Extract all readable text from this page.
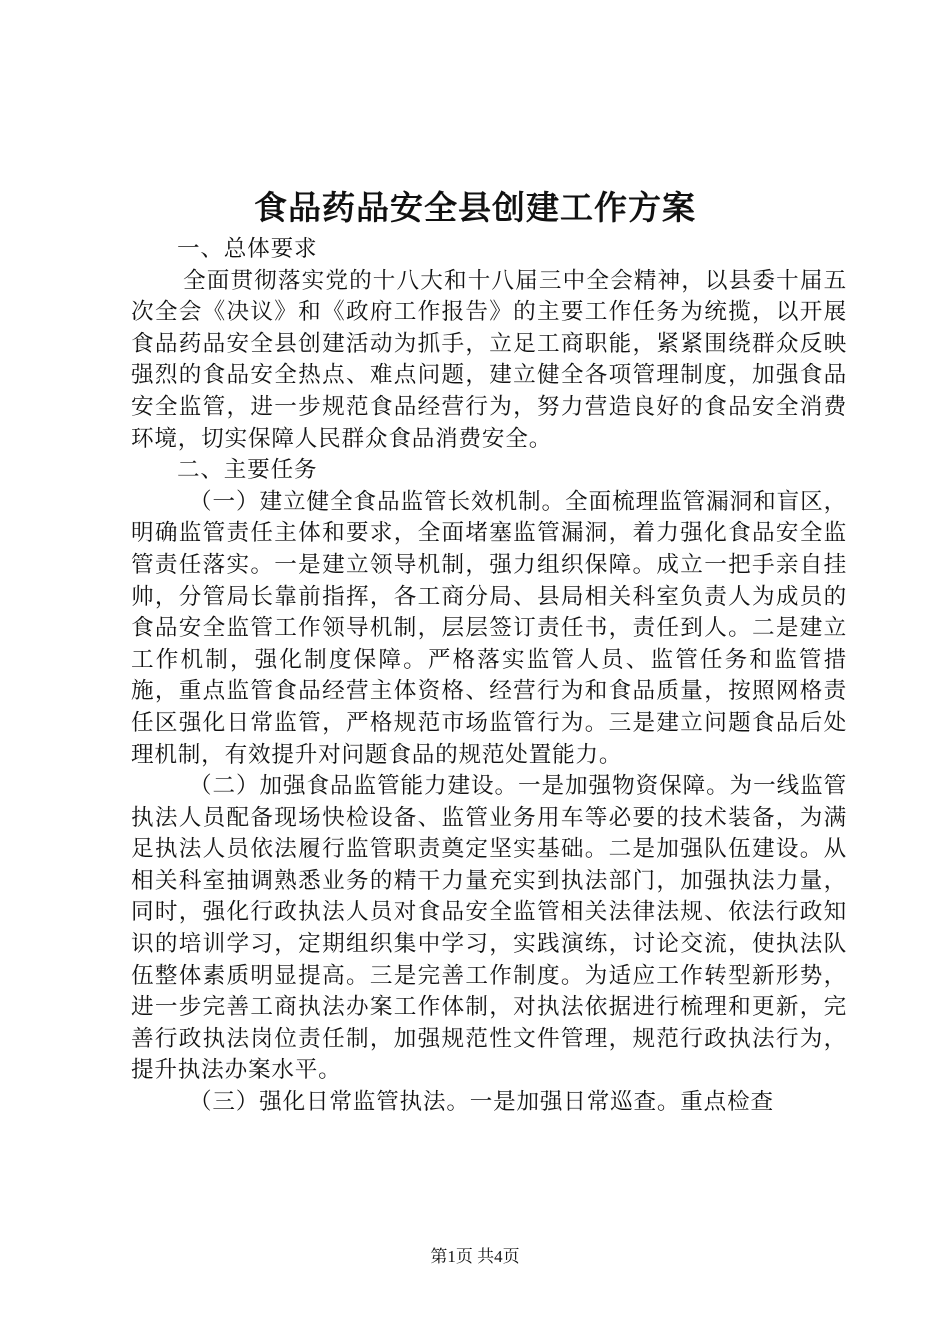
食品药品安全县创建工作方案

一、总体要求

全面贯彻落实党的十八大和十八届三中全会精神，以县委十届五次全会《决议》和《政府工作报告》的主要工作任务为统揽，以开展食品药品安全县创建活动为抓手，立足工商职能，紧紧围绕群众反映强烈的食品安全热点、难点问题，建立健全各项管理制度，加强食品安全监管，进一步规范食品经营行为，努力营造良好的食品安全消费环境，切实保障人民群众食品消费安全。

二、主要任务

（一）建立健全食品监管长效机制。全面梳理监管漏洞和盲区，明确监管责任主体和要求，全面堵塞监管漏洞，着力强化食品安全监管责任落实。一是建立领导机制，强力组织保障。成立一把手亲自挂帅，分管局长靠前指挥，各工商分局、县局相关科室负责人为成员的食品安全监管工作领导机制，层层签订责任书，责任到人。二是建立工作机制，强化制度保障。严格落实监管人员、监管任务和监管措施，重点监管食品经营主体资格、经营行为和食品质量，按照网格责任区强化日常监管，严格规范市场监管行为。三是建立问题食品后处理机制，有效提升对问题食品的规范处置能力。

（二）加强食品监管能力建设。一是加强物资保障。为一线监管执法人员配备现场快检设备、监管业务用车等必要的技术装备，为满足执法人员依法履行监管职责奠定坚实基础。二是加强队伍建设。从相关科室抽调熟悉业务的精干力量充实到执法部门，加强执法力量，同时，强化行政执法人员对食品安全监管相关法律法规、依法行政知识的培训学习，定期组织集中学习，实践演练，讨论交流，使执法队伍整体素质明显提高。三是完善工作制度。为适应工作转型新形势，进一步完善工商执法办案工作体制，对执法依据进行梳理和更新，完善行政执法岗位责任制，加强规范性文件管理，规范行政执法行为，提升执法办案水平。

（三）强化日常监管执法。一是加强日常巡查。重点检查

第1页 共4页
